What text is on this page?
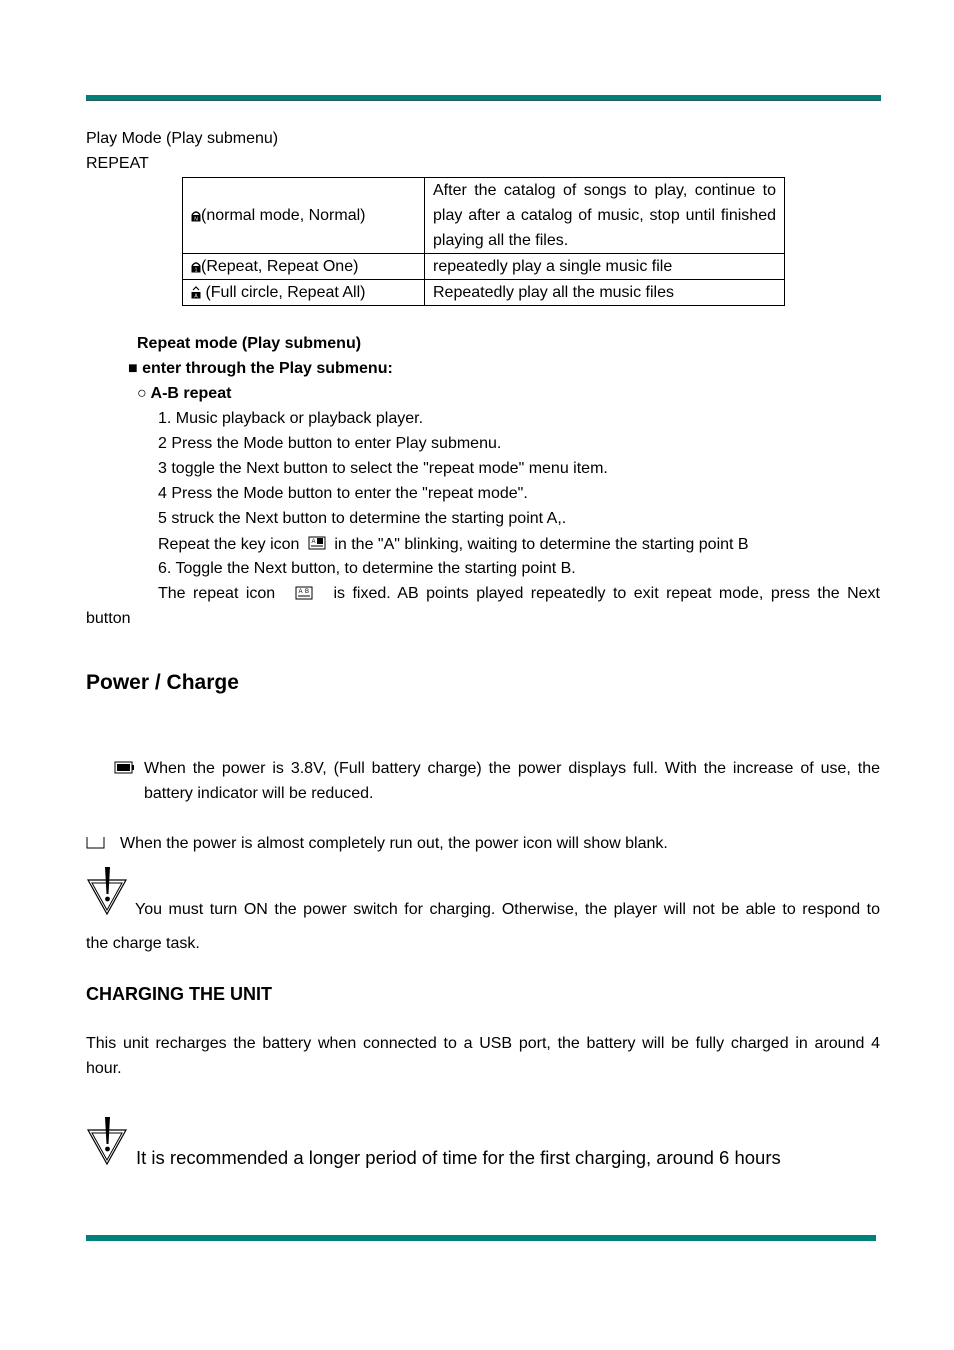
Play Mode (Play submenu)
REPEAT
N (normal mode, Normal)	After the catalog of songs to play, continue to play after a catalog of music, stop until finished playing all the files.

1 (Repeat, Repeat One)	repeatedly play a single music file

A (Full circle, Repeat All)	Repeatedly play all the music files
Repeat mode (Play submenu)
■ enter through the Play submenu:
○ A-B repeat
1. Music playback or playback player.
2 Press the Mode button to enter Play submenu.
3 toggle the Next button to select the "repeat mode" menu item.
4 Press the Mode button to enter the "repeat mode".
5 struck the Next button to determine the starting point A,.
Repeat the key icon A in the "A" blinking, waiting to determine the starting point B
6. Toggle the Next button, to determine the starting point B.
The repeat icon	A B is fixed. AB points played repeatedly to exit repeat mode, press the Next
button
Power / Charge
When the power is 3.8V, (Full battery charge) the power displays full. With the increase of use, the
battery indicator will be reduced.
When the power is almost completely run out, the power icon will show blank.
You must turn ON the power switch for charging. Otherwise, the player will not be able to respond to
the charge task.
CHARGING THE UNIT
This unit recharges the battery when connected to a USB port, the battery will be fully charged in around 4
hour.
It is recommended a longer period of time for the first charging, around 6 hours
